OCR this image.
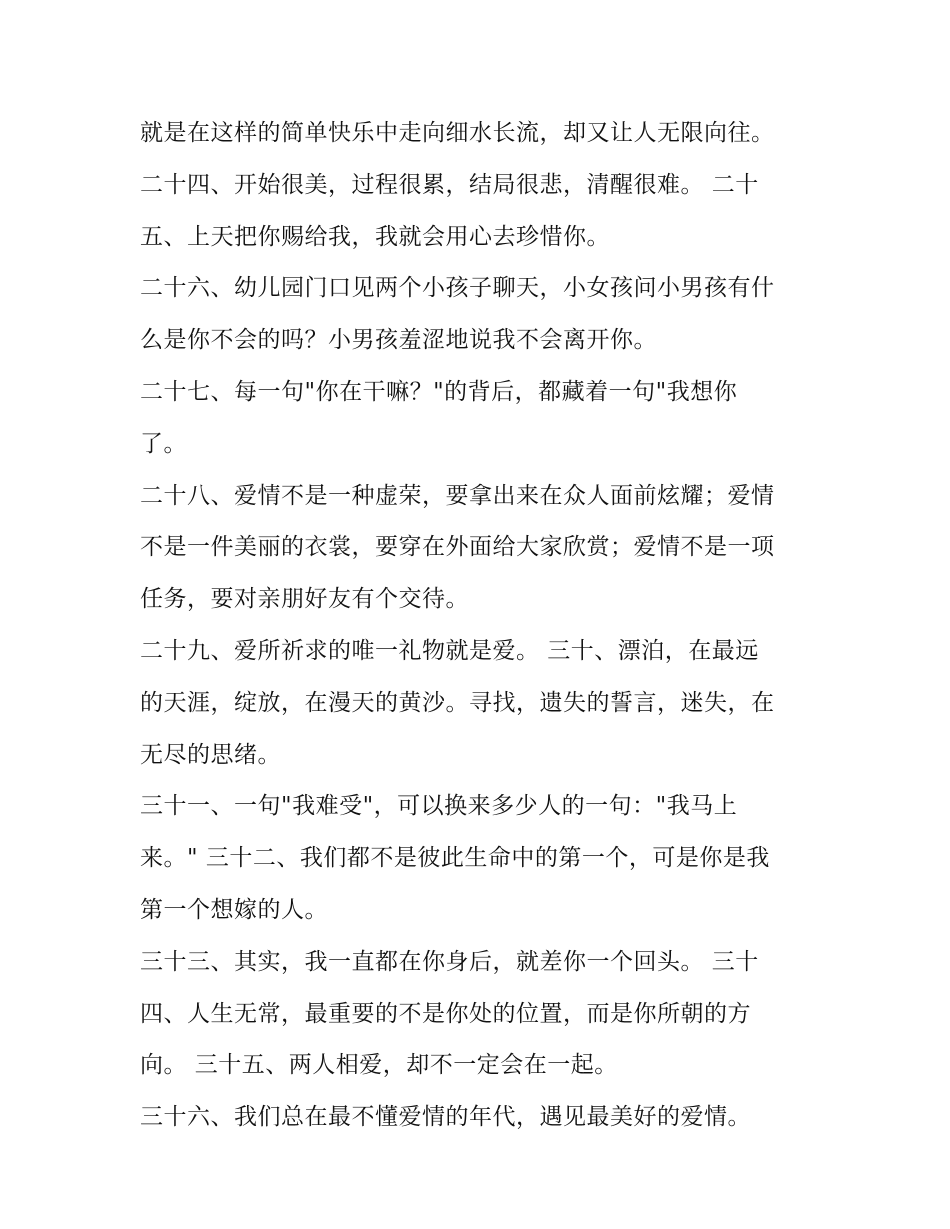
就是在这样的简单快乐中走向细水长流，却又让人无限向往。
二十四、开始很美，过程很累，结局很悲，清醒很难。 二十
五、上天把你赐给我，我就会用心去珍惜你。
二十六、幼儿园门口见两个小孩子聊天，小女孩问小男孩有什
么是你不会的吗？小男孩羞涩地说我不会离开你。
二十七、每一句"你在干嘛？"的背后，都藏着一句"我想你
了。
二十八、爱情不是一种虚荣，要拿出来在众人面前炫耀；爱情
不是一件美丽的衣裳，要穿在外面给大家欣赏；爱情不是一项
任务，要对亲朋好友有个交待。
二十九、爱所祈求的唯一礼物就是爱。 三十、漂泊，在最远
的天涯，绽放，在漫天的黄沙。寻找，遗失的誓言，迷失，在
无尽的思绪。
三十一、一句"我难受"，可以换来多少人的一句："我马上
来。" 三十二、我们都不是彼此生命中的第一个，可是你是我
第一个想嫁的人。
三十三、其实，我一直都在你身后，就差你一个回头。 三十
四、人生无常，最重要的不是你处的位置，而是你所朝的方
向。 三十五、两人相爱，却不一定会在一起。
三十六、我们总在最不懂爱情的年代，遇见最美好的爱情。
